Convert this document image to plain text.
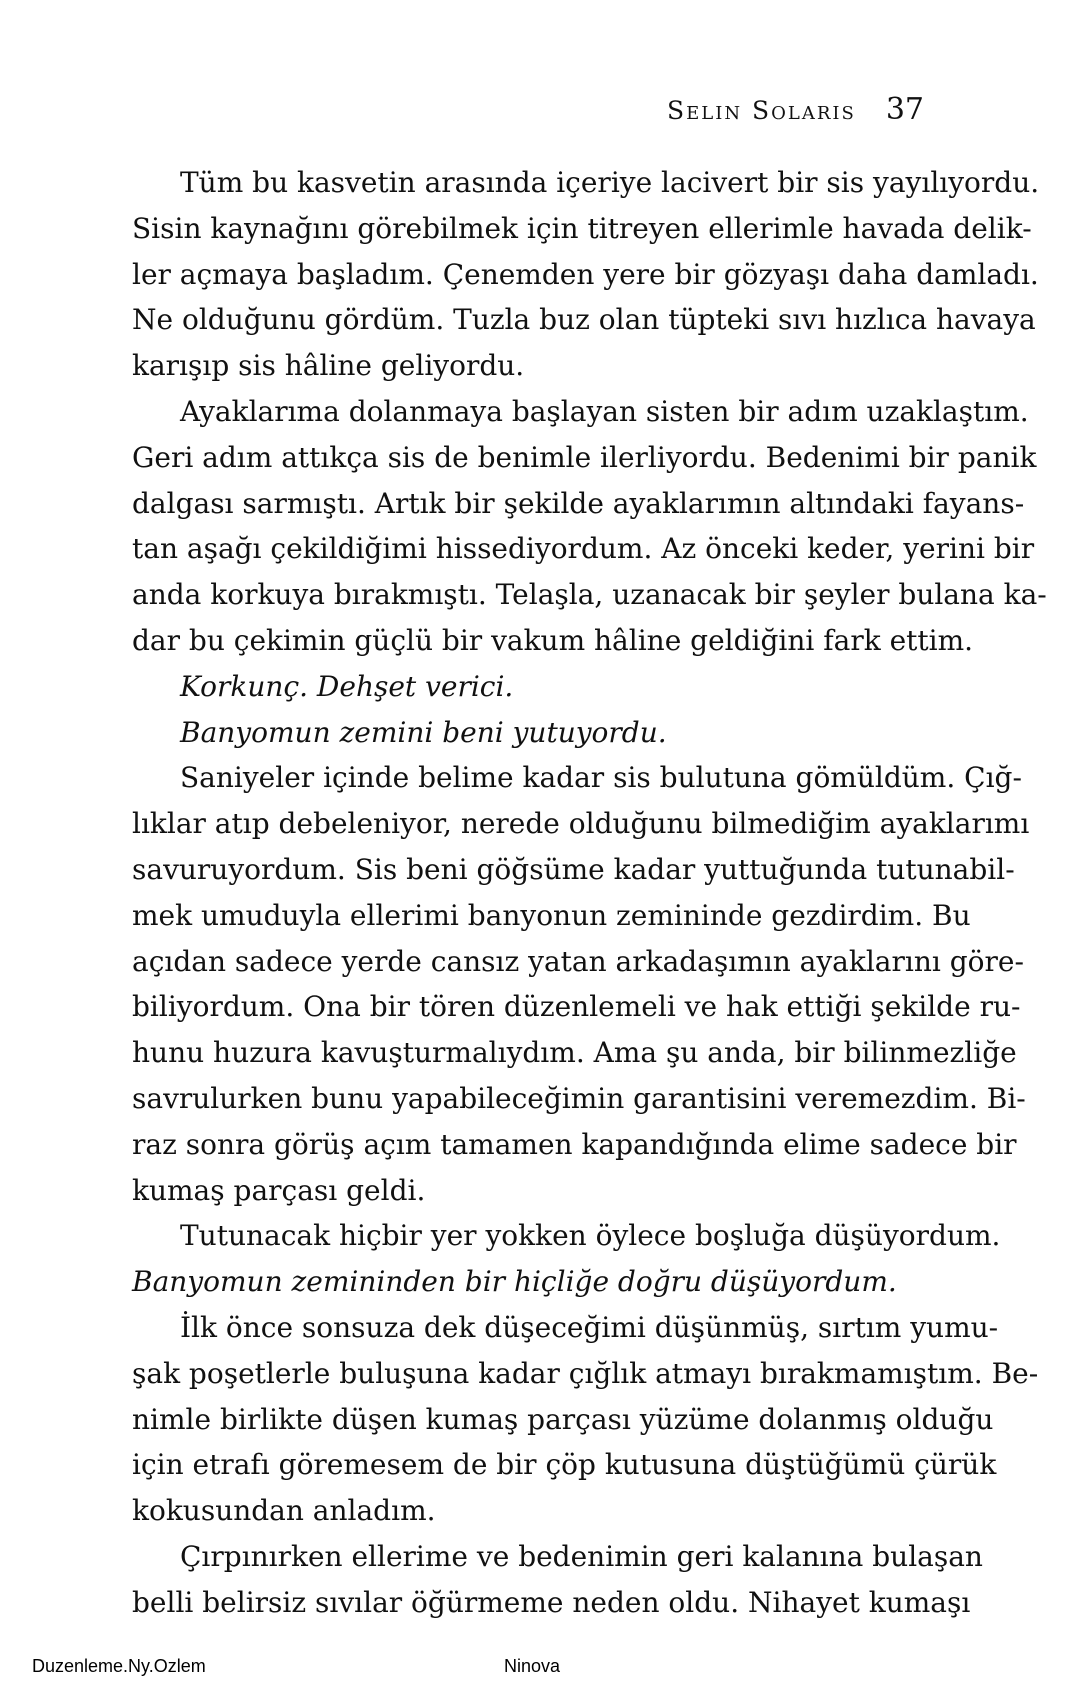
Selin Solaris 37
Tüm bu kasvetin arasında içeriye lacivert bir sis yayılıyordu.
Sisin kaynağını görebilmek için titreyen ellerimle havada delik-
ler açmaya başladım. Çenemden yere bir gözyaşı daha damladı.
Ne olduğunu gördüm. Tuzla buz olan tüpteki sıvı hızlıca havaya
karışıp sis hâline geliyordu.
Ayaklarıma dolanmaya başlayan sisten bir adım uzaklaştım.
Geri adım attıkça sis de benimle ilerliyordu. Bedenimi bir panik
dalgası sarmıştı. Artık bir şekilde ayaklarımın altındaki fayans-
tan aşağı çekildiğimi hissediyordum. Az önceki keder, yerini bir
anda korkuya bırakmıştı. Telaşla, uzanacak bir şeyler bulana ka-
dar bu çekimin güçlü bir vakum hâline geldiğini fark ettim.
Korkunç. Dehşet verici.
Banyomun zemini beni yutuyordu.
Saniyeler içinde belime kadar sis bulutuna gömüldüm. Çığ-
lıklar atıp debeleniyor, nerede olduğunu bilmediğim ayaklarımı
savuruyordum. Sis beni göğsüme kadar yuttuğunda tutunabil-
mek umuduyla ellerimi banyonun zemininde gezdirdim. Bu
açıdan sadece yerde cansız yatan arkadaşımın ayaklarını göre-
biliyordum. Ona bir tören düzenlemeli ve hak ettiği şekilde ru-
hunu huzura kavuşturmalıydım. Ama şu anda, bir bilinmezliğe
savrulurken bunu yapabileceğimin garantisini veremezdim. Bi-
raz sonra görüş açım tamamen kapandığında elime sadece bir
kumaş parçası geldi.
Tutunacak hiçbir yer yokken öylece boşluğa düşüyordum.
Banyomun zemininden bir hiçliğe doğru düşüyordum.
İlk önce sonsuza dek düşeceğimi düşünmüş, sırtım yumu-
şak poşetlerle buluşuna kadar çığlık atmayı bırakmamıştım. Be-
nimle birlikte düşen kumaş parçası yüzüme dolanmış olduğu
için etrafı göremesem de bir çöp kutusuna düştüğümü çürük
kokusundan anladım.
Çırpınırken ellerime ve bedenimin geri kalanına bulaşan
belli belirsiz sıvılar öğürmeme neden oldu. Nihayet kumaşı
Duzenleme.Ny.Ozlem	Ninova
